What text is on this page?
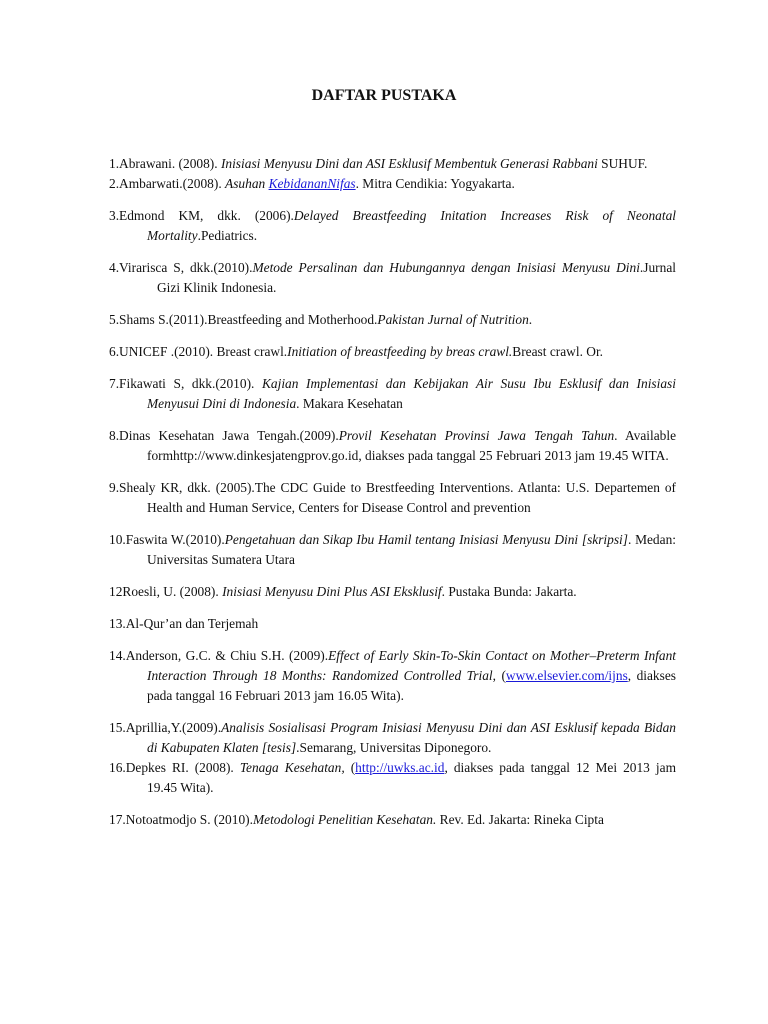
DAFTAR PUSTAKA
1.Abrawani. (2008). Inisiasi Menyusu Dini dan ASI Esklusif Membentuk Generasi Rabbani SUHUF.
2.Ambarwati.(2008). Asuhan KebidananNifas. Mitra Cendikia: Yogyakarta.
3.Edmond KM, dkk. (2006).Delayed Breastfeeding Initation Increases Risk of Neonatal Mortality.Pediatrics.
4.Virarisca S, dkk.(2010).Metode Persalinan dan Hubungannya dengan Inisiasi Menyusu Dini.Jurnal Gizi Klinik Indonesia.
5.Shams S.(2011).Breastfeeding and Motherhood.Pakistan Jurnal of Nutrition.
6.UNICEF .(2010). Breast crawl.Initiation of breastfeeding by breas crawl.Breast crawl. Or.
7.Fikawati S, dkk.(2010). Kajian Implementasi dan Kebijakan Air Susu Ibu Esklusif dan Inisiasi Menyusui Dini di Indonesia. Makara Kesehatan
8.Dinas Kesehatan Jawa Tengah.(2009).Provil Kesehatan Provinsi Jawa Tengah Tahun. Available formhttp://www.dinkesjatengprov.go.id, diakses pada tanggal 25 Februari 2013 jam 19.45 WITA.
9.Shealy KR, dkk. (2005).The CDC Guide to Brestfeeding Interventions. Atlanta: U.S. Departemen of Health and Human Service, Centers for Disease Control and prevention
10.Faswita W.(2010).Pengetahuan dan Sikap Ibu Hamil tentang Inisiasi Menyusu Dini [skripsi]. Medan: Universitas Sumatera Utara
12Roesli, U. (2008). Inisiasi Menyusu Dini Plus ASI Eksklusif. Pustaka Bunda: Jakarta.
13.Al-Qur’an dan Terjemah
14.Anderson, G.C. & Chiu S.H. (2009).Effect of Early Skin-To-Skin Contact on Mother–Preterm Infant Interaction Through 18 Months: Randomized Controlled Trial, (www.elsevier.com/ijns, diakses pada tanggal 16 Februari 2013 jam 16.05 Wita).
15.Aprillia,Y.(2009).Analisis Sosialisasi Program Inisiasi Menyusu Dini dan ASI Esklusif kepada Bidan di Kabupaten Klaten [tesis].Semarang, Universitas Diponegoro.
16.Depkes RI. (2008). Tenaga Kesehatan, (http://uwks.ac.id, diakses pada tanggal 12 Mei 2013 jam 19.45 Wita).
17.Notoatmodjo S. (2010).Metodologi Penelitian Kesehatan. Rev. Ed. Jakarta: Rineka Cipta
